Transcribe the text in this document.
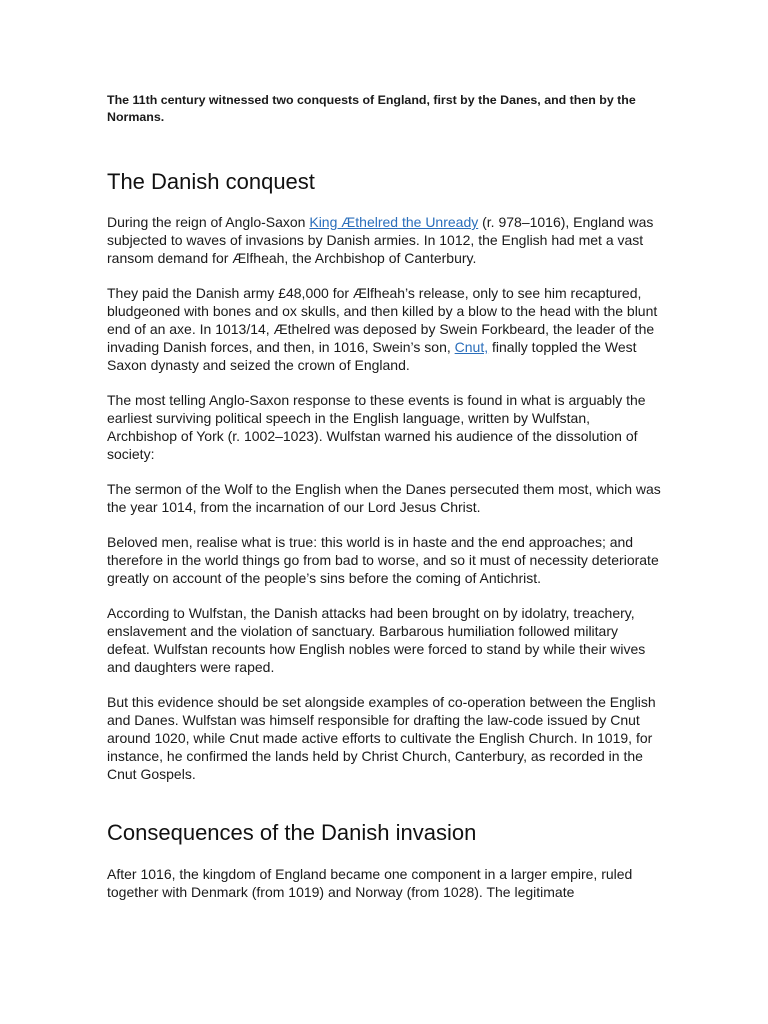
The 11th century witnessed two conquests of England, first by the Danes, and then by the Normans.

The Danish conquest

During the reign of Anglo-Saxon King Æthelred the Unready (r. 978–1016), England was subjected to waves of invasions by Danish armies. In 1012, the English had met a vast ransom demand for Ælfheah, the Archbishop of Canterbury.

They paid the Danish army £48,000 for Ælfheah’s release, only to see him recaptured, bludgeoned with bones and ox skulls, and then killed by a blow to the head with the blunt end of an axe. In 1013/14, Æthelred was deposed by Swein Forkbeard, the leader of the invading Danish forces, and then, in 1016, Swein’s son, Cnut, finally toppled the West Saxon dynasty and seized the crown of England.

The most telling Anglo-Saxon response to these events is found in what is arguably the earliest surviving political speech in the English language, written by Wulfstan, Archbishop of York (r. 1002–1023). Wulfstan warned his audience of the dissolution of society:

The sermon of the Wolf to the English when the Danes persecuted them most, which was the year 1014, from the incarnation of our Lord Jesus Christ.

Beloved men, realise what is true: this world is in haste and the end approaches; and therefore in the world things go from bad to worse, and so it must of necessity deteriorate greatly on account of the people’s sins before the coming of Antichrist.

According to Wulfstan, the Danish attacks had been brought on by idolatry, treachery, enslavement and the violation of sanctuary. Barbarous humiliation followed military defeat. Wulfstan recounts how English nobles were forced to stand by while their wives and daughters were raped.

But this evidence should be set alongside examples of co-operation between the English and Danes. Wulfstan was himself responsible for drafting the law-code issued by Cnut around 1020, while Cnut made active efforts to cultivate the English Church. In 1019, for instance, he confirmed the lands held by Christ Church, Canterbury, as recorded in the Cnut Gospels.

Consequences of the Danish invasion

After 1016, the kingdom of England became one component in a larger empire, ruled together with Denmark (from 1019) and Norway (from 1028). The legitimate
